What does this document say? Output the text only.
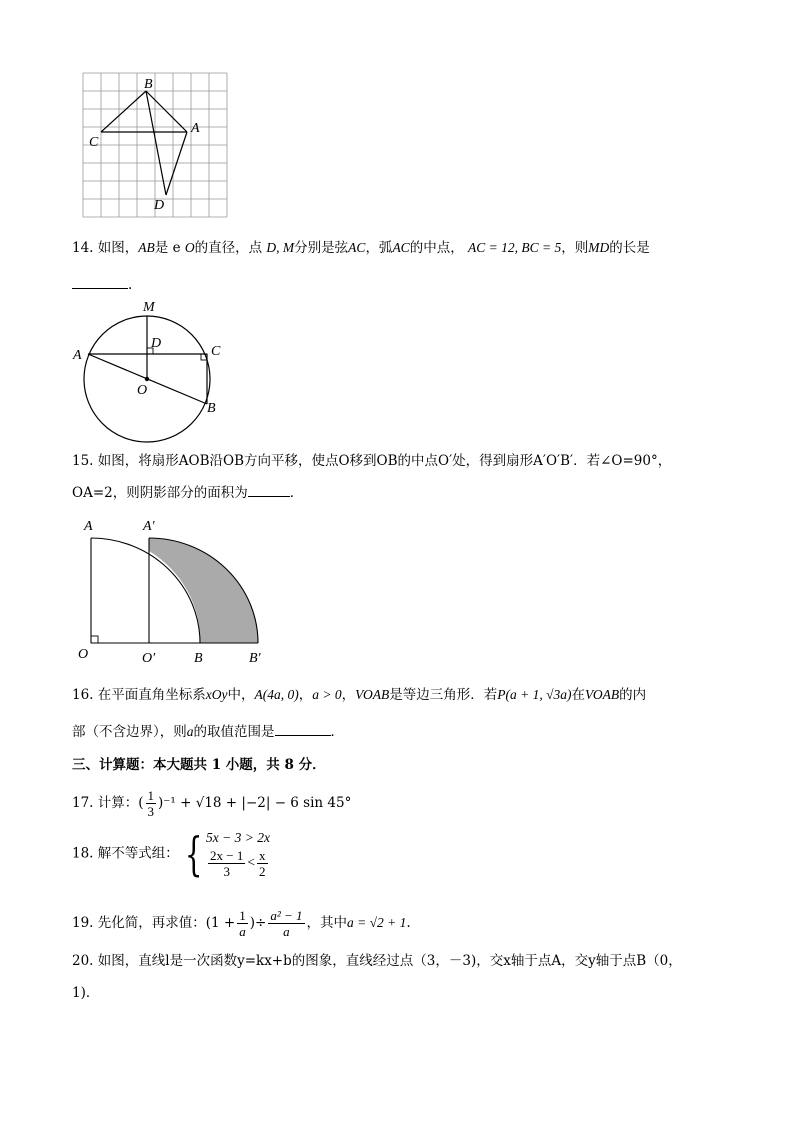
B
A
C
D
14. 如图，AB是 e O的直径，点 D, M分别是弦AC，弧AC的中点， AC = 12, BC = 5，则MD的长是
.
M
D
A	C
O
B
15. 如图，将扇形AOB沿OB方向平移，使点O移到OB的中点O′处，得到扇形A′O′B′．若∠O=90°，
OA=2，则阴影部分的面积为	．
A	A′
O	O′	B	B′
16. 在平面直角坐标系xOy中，A(4a, 0)，a > 0，VOAB是等边三角形．若P(a + 1, √3a)在VOAB的内
部（不含边界），则a的取值范围是	．
三、计算题：本大题共 1 小题，共 8 分．
17. 计算：( $\frac{1}{3} )^{-1} + √18 + |-2| - 6$ sin 45°
18. 解不等式组： { 5x − 3 > 2x
$\frac{2x - 1}{3} < \frac{x}{2}$
19. 先化简，再求值：($1 + \frac{1}{a}$ )÷ $\frac{\text{a² − 1}}{a}$ ，其中a = √2 + 1.
20. 如图，直线l是一次函数y=kx+b的图象，直线经过点（3，－3)，交x轴于点A，交y轴于点B（0，
1)．
